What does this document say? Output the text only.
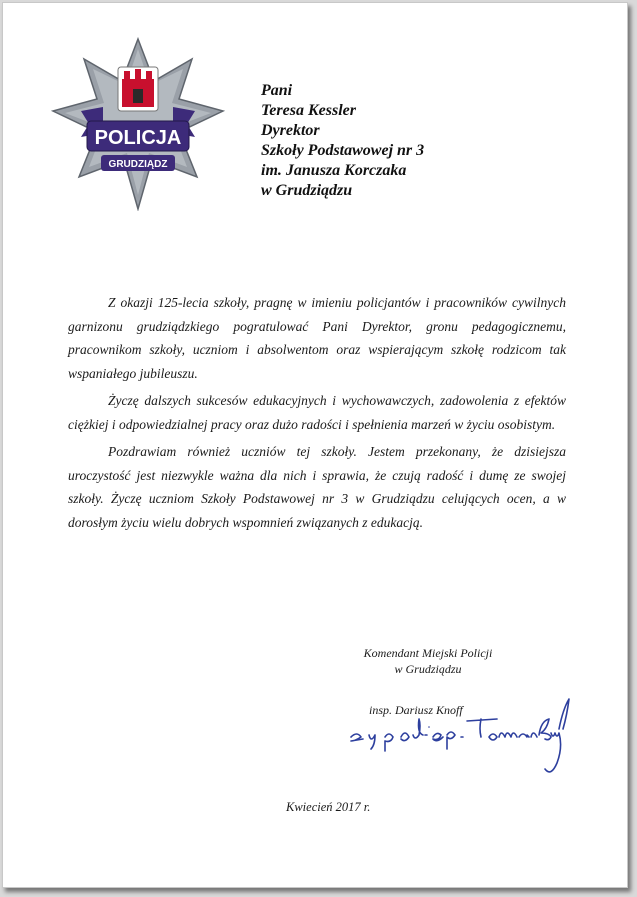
POLICJA
GRUDZIĄDZ
Pani
Teresa Kessler
Dyrektor
Szkoły Podstawowej nr 3
im. Janusza Korczaka
w Grudziądzu

Z okazji 125-lecia szkoły, pragnę w imieniu policjantów i pracowników cywilnych garnizonu grudziądzkiego pogratulować Pani Dyrektor, gronu pedagogicznemu, pracownikom szkoły, uczniom i absolwentom oraz wspierającym szkołę rodzicom tak wspaniałego jubileuszu.

Życzę dalszych sukcesów edukacyjnych i wychowawczych, zadowolenia z efektów ciężkiej i odpowiedzialnej pracy oraz dużo radości i spełnienia marzeń w życiu osobistym.

Pozdrawiam również uczniów tej szkoły. Jestem przekonany, że dzisiejsza uroczystość jest niezwykle ważna dla nich i sprawia, że czują radość i dumę ze swojej szkoły. Życzę uczniom Szkoły Podstawowej nr 3 w Grudziądzu celujących ocen, a w dorosłym życiu wielu dobrych wspomnień związanych z edukacją.

Komendant Miejski Policji
w Grudziądzu
insp. Dariusz Knoff
Kwiecień 2017 r.
